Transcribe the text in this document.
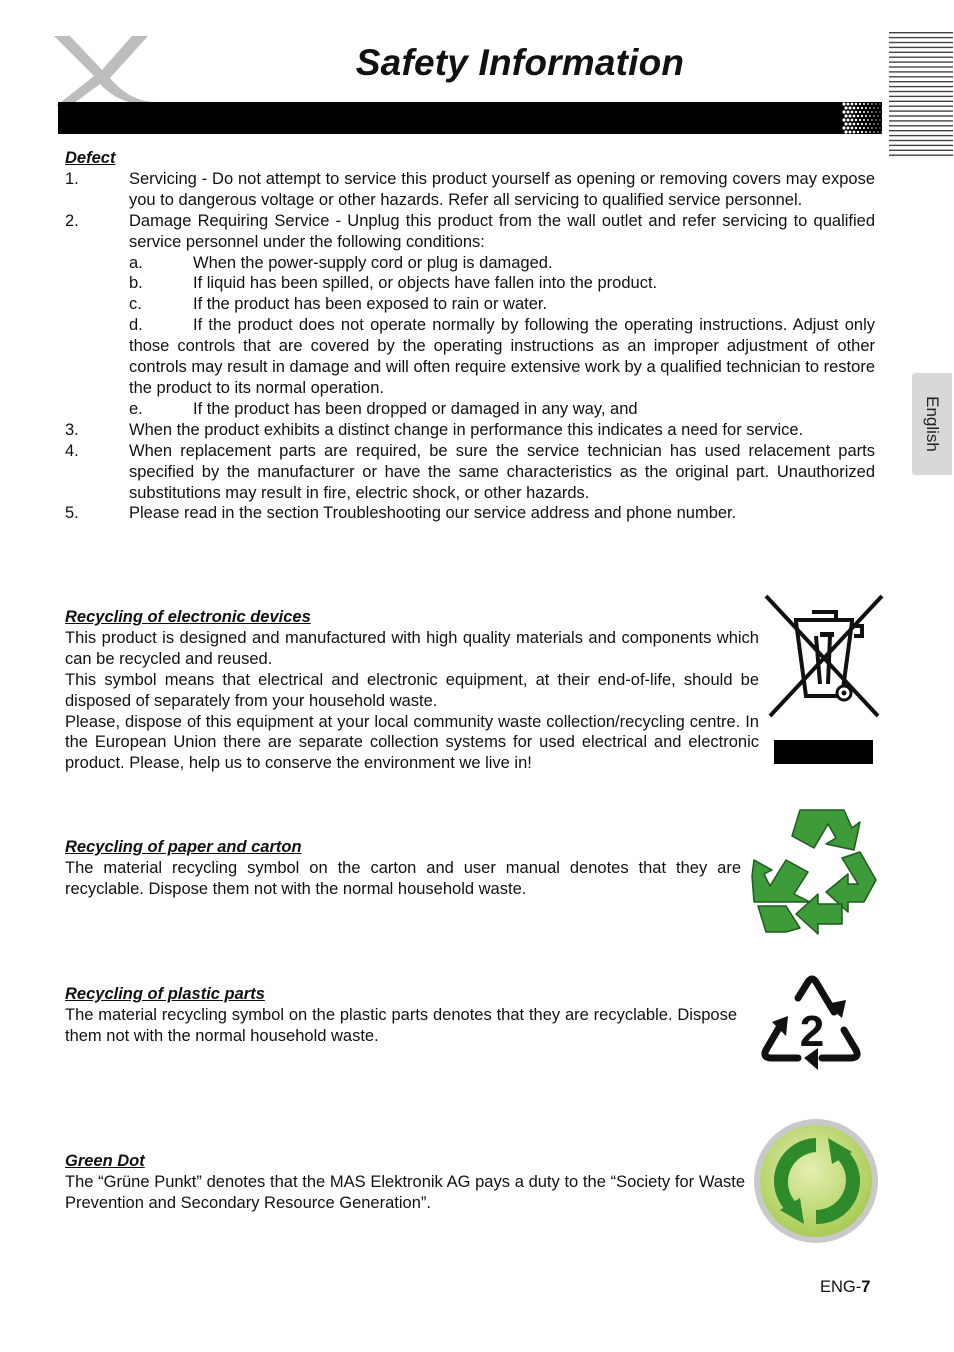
Safety Information
English
Defect
1.	Servicing - Do not attempt to service this product yourself as opening or removing covers may expose you to dangerous voltage or other hazards. Refer all servicing to qualified service personnel.
2.	Damage Requiring Service - Unplug this product from the wall outlet and refer servicing to qualified service personnel under the following conditions:
a.	When the power-supply cord or plug is damaged.
b.	If liquid has been spilled, or objects have fallen into the product.
c.	If the product has been exposed to rain or water.
d.	If the product does not operate normally by following the operating instructions. Adjust only those controls that are covered by the operating instructions as an improper adjustment of other controls may result in damage and will often require extensive work by a qualified technician to restore the product to its normal operation.
e.	If the product has been dropped or damaged in any way, and
3.	When the product exhibits a distinct change in performance this indicates a need for service.
4.	When replacement parts are required, be sure the service technician has used relacement parts specified by the manufacturer or have the same characteristics as the original part. Unauthorized substitutions may result in fire, electric shock, or other hazards.
5.	Please read in the section Troubleshooting our service address and phone number.
Recycling of electronic devices

This product is designed and manufactured with high quality materials and components which can be recycled and reused.

This symbol means that electrical and electronic equipment, at their end-of-life, should be disposed of separately from your household waste.

Please, dispose of this equipment at your local community waste collection/recycling centre. In the European Union there are separate collection systems for used electrical and electronic product. Please, help us to conserve the environment we live in!

Recycling of paper and carton

The material recycling symbol on the carton and user manual denotes that they are recyclable. Dispose them not with the normal household waste.

Recycling of plastic parts

The material recycling symbol on the plastic parts denotes that they are recyclable. Dispose them not with the normal household waste.	2
Green Dot

The “Grüne Punkt” denotes that the MAS Elektronik AG pays a duty to the “Society for Waste Prevention and Secondary Resource Generation”.

ENG-7
